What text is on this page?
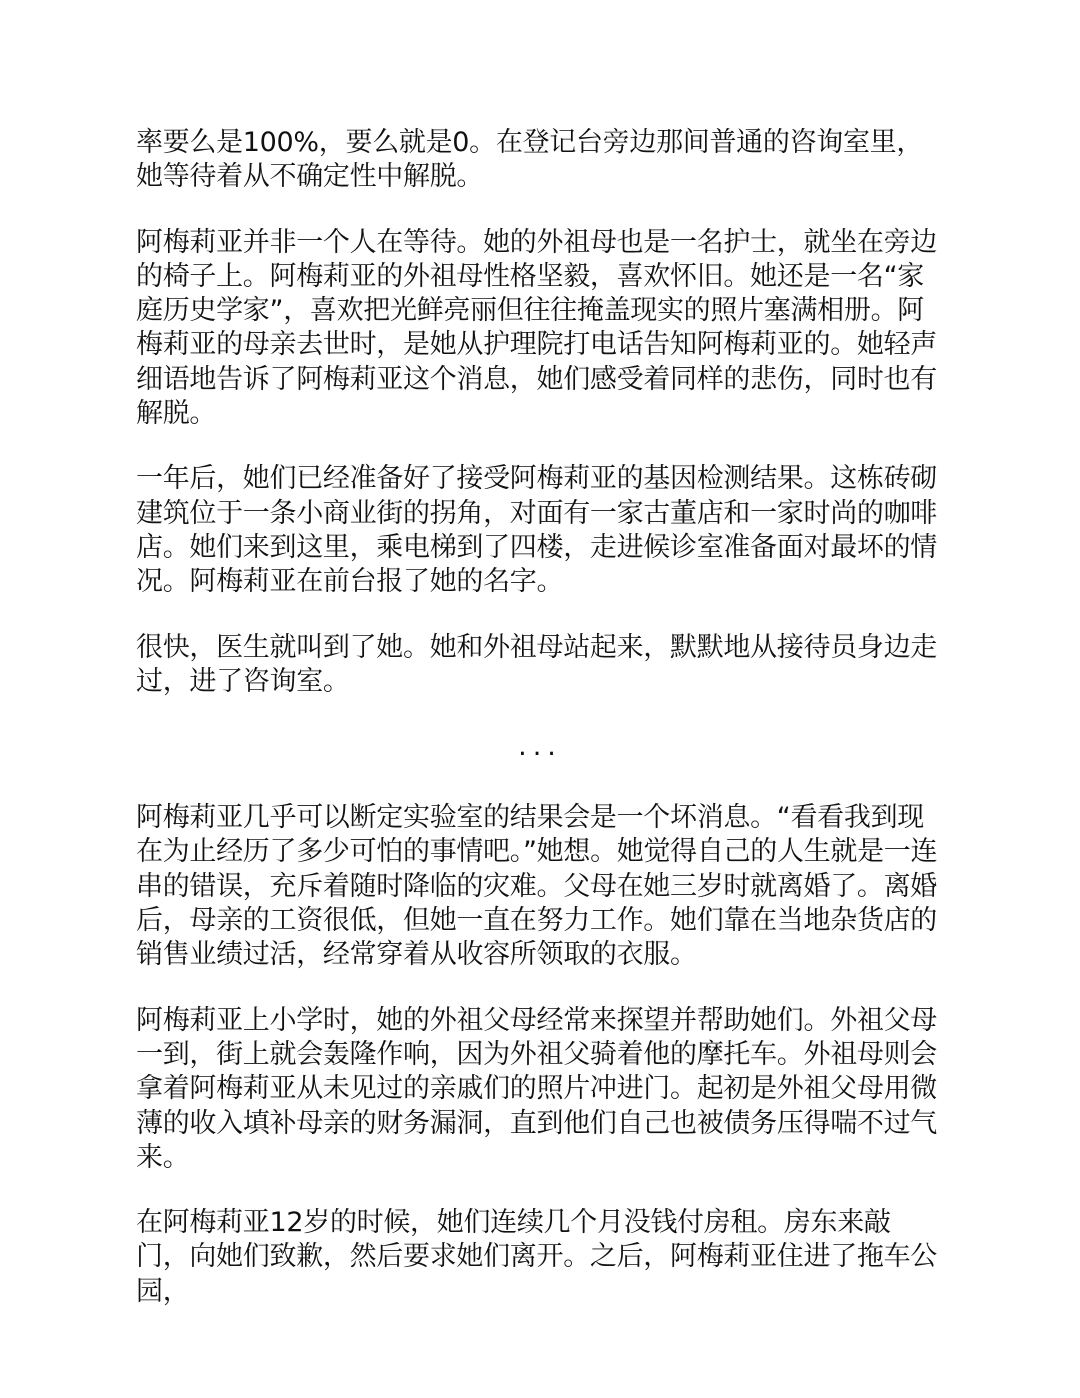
率要么是100%，要么就是0。在登记台旁边那间普通的咨询室里，她等待着从不确定性中解脱。

阿梅莉亚并非一个人在等待。她的外祖母也是一名护士，就坐在旁边的椅子上。阿梅莉亚的外祖母性格坚毅，喜欢怀旧。她还是一名“家庭历史学家”，喜欢把光鲜亮丽但往往掩盖现实的照片塞满相册。阿梅莉亚的母亲去世时，是她从护理院打电话告知阿梅莉亚的。她轻声细语地告诉了阿梅莉亚这个消息，她们感受着同样的悲伤，同时也有解脱。

一年后，她们已经准备好了接受阿梅莉亚的基因检测结果。这栋砖砌建筑位于一条小商业街的拐角，对面有一家古董店和一家时尚的咖啡店。她们来到这里，乘电梯到了四楼，走进候诊室准备面对最坏的情况。阿梅莉亚在前台报了她的名字。

很快，医生就叫到了她。她和外祖母站起来，默默地从接待员身边走过，进了咨询室。

...

阿梅莉亚几乎可以断定实验室的结果会是一个坏消息。“看看我到现在为止经历了多少可怕的事情吧。”她想。她觉得自己的人生就是一连串的错误，充斥着随时降临的灾难。父母在她三岁时就离婚了。离婚后，母亲的工资很低，但她一直在努力工作。她们靠在当地杂货店的销售业绩过活，经常穿着从收容所领取的衣服。

阿梅莉亚上小学时，她的外祖父母经常来探望并帮助她们。外祖父母一到，街上就会轰隆作响，因为外祖父骑着他的摩托车。外祖母则会拿着阿梅莉亚从未见过的亲戚们的照片冲进门。起初是外祖父母用微薄的收入填补母亲的财务漏洞，直到他们自己也被债务压得喘不过气来。

在阿梅莉亚12岁的时候，她们连续几个月没钱付房租。房东来敲门，向她们致歉，然后要求她们离开。之后，阿梅莉亚住进了拖车公园，
